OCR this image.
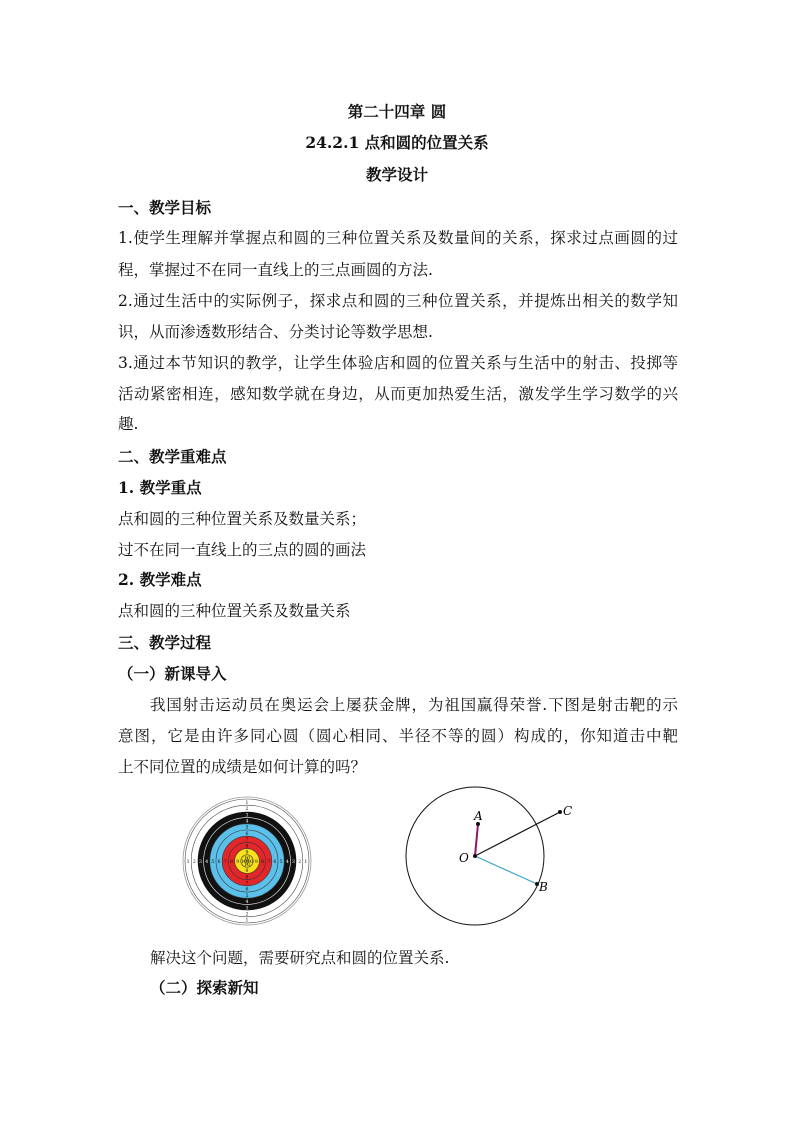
第二十四章 圆
24.2.1 点和圆的位置关系
教学设计
一、教学目标
1.使学生理解并掌握点和圆的三种位置关系及数量间的关系，探求过点画圆的过
程，掌握过不在同一直线上的三点画圆的方法.
2.通过生活中的实际例子，探求点和圆的三种位置关系，并提炼出相关的数学知
识，从而渗透数形结合、分类讨论等数学思想.
3.通过本节知识的教学，让学生体验店和圆的位置关系与生活中的射击、投掷等
活动紧密相连，感知数学就在身边，从而更加热爱生活，激发学生学习数学的兴
趣.
二、教学重难点
1. 教学重点
点和圆的三种位置关系及数量关系；
过不在同一直线上的三点的圆的画法
2. 教学难点
点和圆的三种位置关系及数量关系
三、教学过程
（一）新课导入
我国射击运动员在奥运会上屡获金牌，为祖国赢得荣誉.下图是射击靶的示
意图，它是由许多同心圆（圆心相同、半径不等的圆）构成的，你知道击中靶
上不同位置的成绩是如何计算的吗？
1	1
1
1
2	2
2
2
3	3
3
3
4	4
4
4
5	5
5
5
6	6
6
6
7	7
7
7
8	8
8
8
9	9
9
9
10 10
10
10
O
A
B
C
解决这个问题，需要研究点和圆的位置关系.
（二）探索新知
